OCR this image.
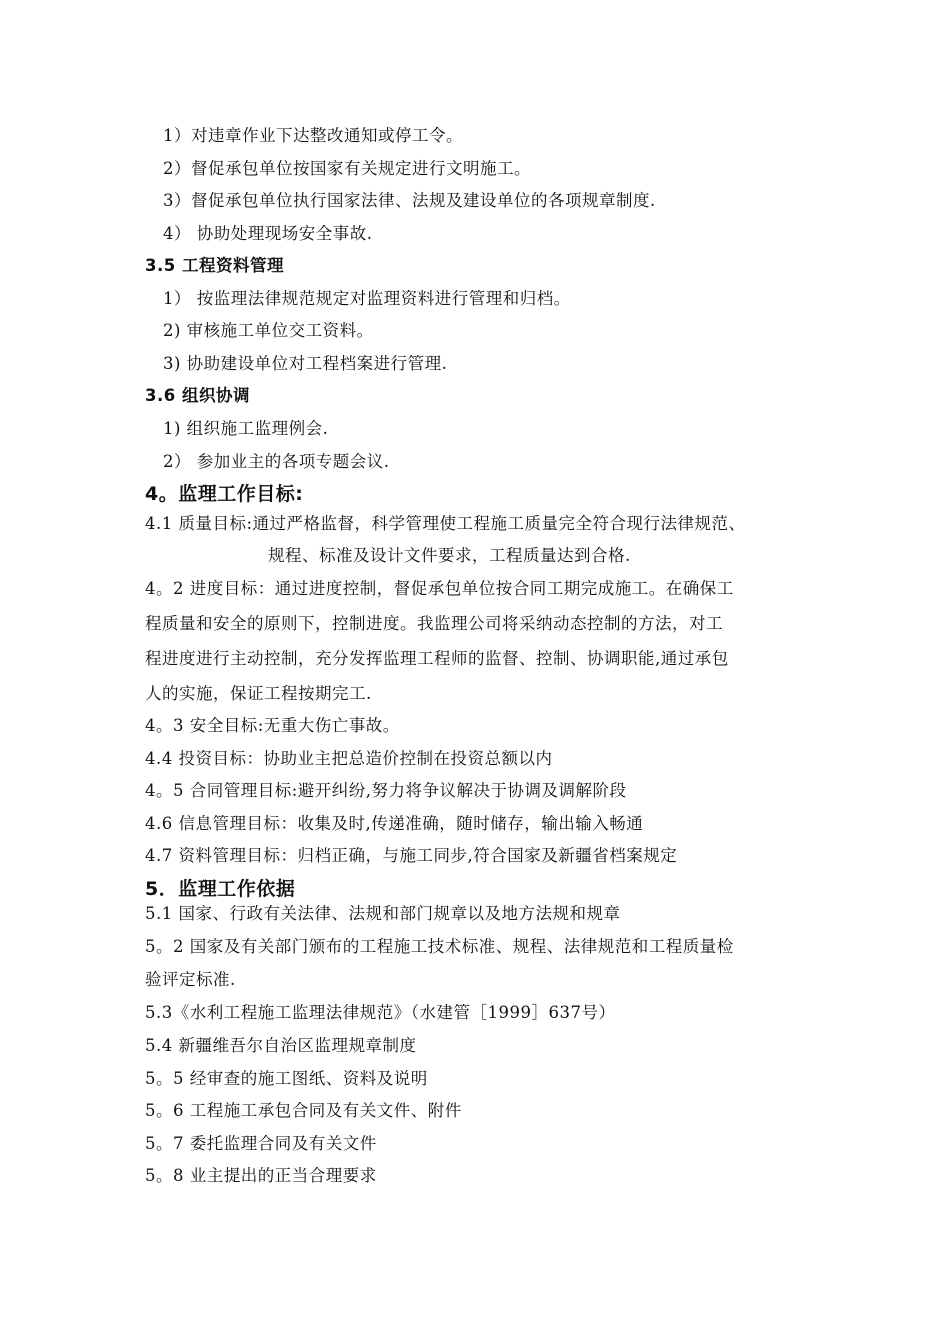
1）对违章作业下达整改通知或停工令。
2）督促承包单位按国家有关规定进行文明施工。
3）督促承包单位执行国家法律、法规及建设单位的各项规章制度.
4） 协助处理现场安全事故.
3.5 工程资料管理
1） 按监理法律规范规定对监理资料进行管理和归档。
2) 审核施工单位交工资料。
3) 协助建设单位对工程档案进行管理.
3.6 组织协调
1) 组织施工监理例会.
2） 参加业主的各项专题会议.
4。监理工作目标:
4.1 质量目标:通过严格监督，科学管理使工程施工质量完全符合现行法律规范、
规程、标准及设计文件要求，工程质量达到合格.
4。2 进度目标：通过进度控制，督促承包单位按合同工期完成施工。在确保工
程质量和安全的原则下，控制进度。我监理公司将采纳动态控制的方法，对工
程进度进行主动控制，充分发挥监理工程师的监督、控制、协调职能,通过承包
人的实施，保证工程按期完工.
4。3 安全目标:无重大伤亡事故。
4.4 投资目标：协助业主把总造价控制在投资总额以内
4。5 合同管理目标:避开纠纷,努力将争议解决于协调及调解阶段
4.6 信息管理目标：收集及时,传递准确，随时储存，输出输入畅通
4.7 资料管理目标：归档正确，与施工同步,符合国家及新疆省档案规定
5．监理工作依据
5.1 国家、行政有关法律、法规和部门规章以及地方法规和规章
5。2 国家及有关部门颁布的工程施工技术标准、规程、法律规范和工程质量检
验评定标准.
5.3《水利工程施工监理法律规范》（水建管［1999］637号）
5.4 新疆维吾尔自治区监理规章制度
5。5 经审查的施工图纸、资料及说明
5。6 工程施工承包合同及有关文件、附件
5。7 委托监理合同及有关文件
5。8 业主提出的正当合理要求
